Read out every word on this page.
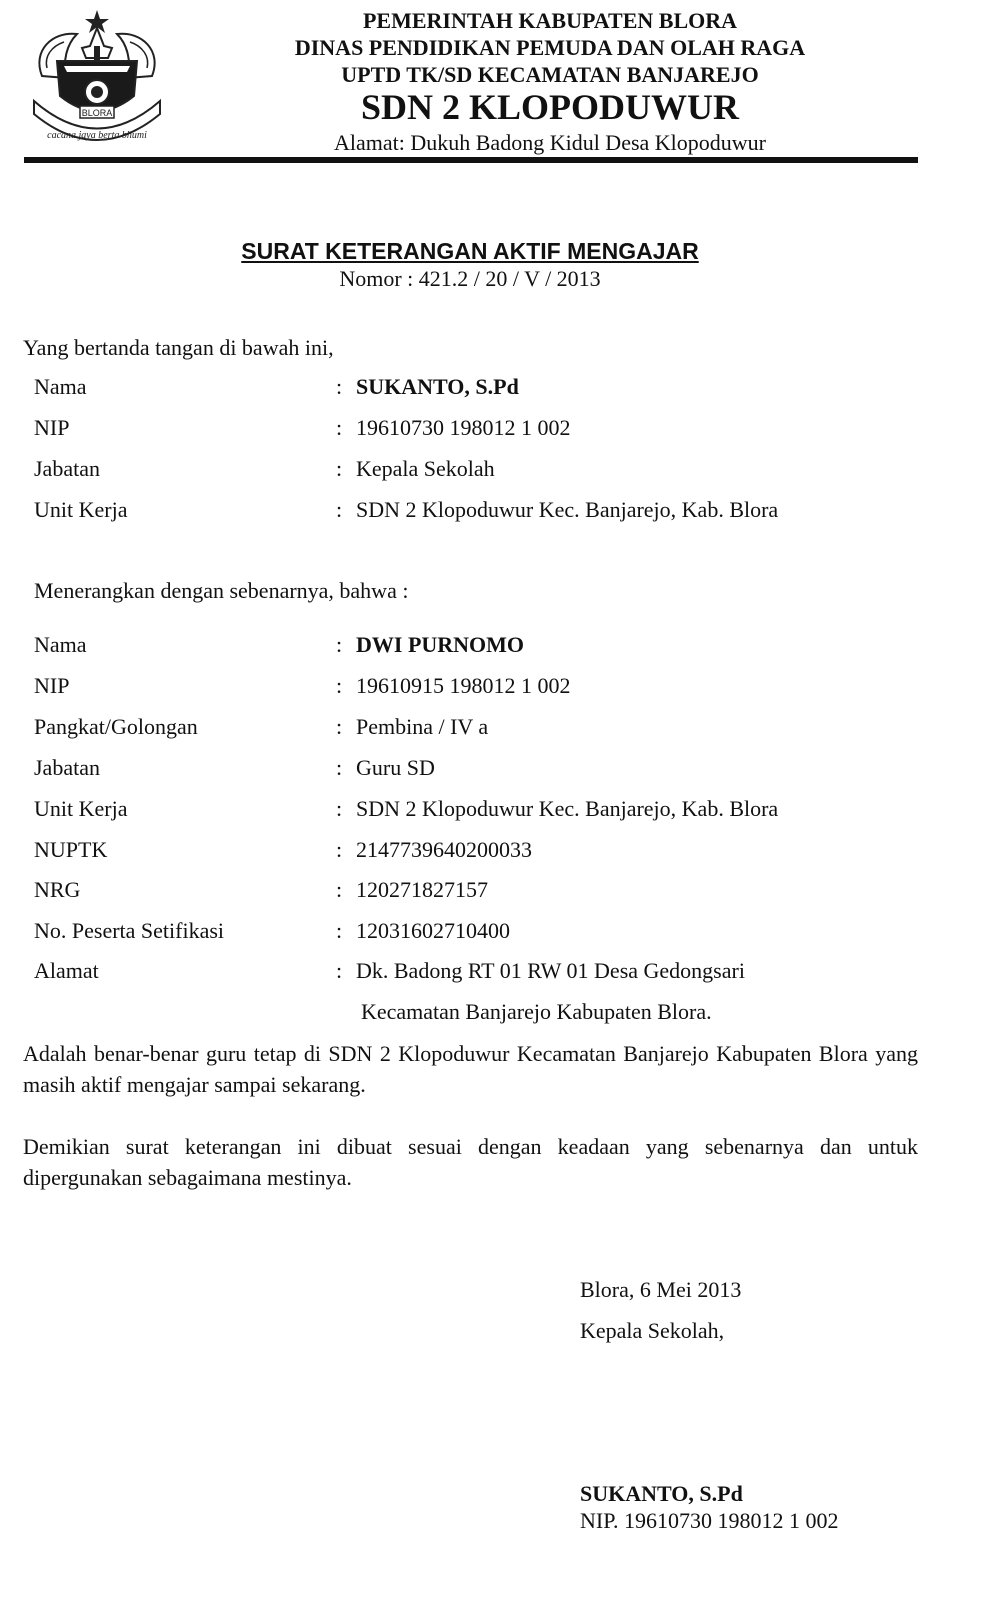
BLORA
cacana jaya berta bhumi
PEMERINTAH KABUPATEN BLORA
DINAS PENDIDIKAN PEMUDA DAN OLAH RAGA
UPTD TK/SD KECAMATAN BANJAREJO
SDN 2 KLOPODUWUR
Alamat: Dukuh Badong Kidul Desa Klopoduwur
SURAT KETERANGAN AKTIF MENGAJAR
Nomor : 421.2 / 20 / V / 2013
Yang bertanda tangan di bawah ini,
Nama	: SUKANTO, S.Pd
NIP	: 19610730 198012 1 002
Jabatan	: Kepala Sekolah
Unit Kerja	: SDN 2 Klopoduwur Kec. Banjarejo, Kab. Blora
Menerangkan dengan sebenarnya, bahwa :
Nama	: DWI PURNOMO
NIP	: 19610915 198012 1 002
Pangkat/Golongan	: Pembina / IV a
Jabatan	: Guru SD
Unit Kerja	: SDN 2 Klopoduwur Kec. Banjarejo, Kab. Blora
NUPTK	: 2147739640200033
NRG	: 120271827157
No. Peserta Setifikasi	: 12031602710400
Alamat	: Dk. Badong RT 01 RW 01 Desa Gedongsari
Kecamatan Banjarejo Kabupaten Blora.
Adalah benar-benar guru tetap di SDN 2 Klopoduwur Kecamatan Banjarejo Kabupaten Blora yang masih aktif mengajar sampai sekarang.
Demikian surat keterangan ini dibuat sesuai dengan keadaan yang sebenarnya dan untuk dipergunakan sebagaimana mestinya.
Blora, 6 Mei 2013
Kepala Sekolah,
SUKANTO, S.Pd
NIP. 19610730 198012 1 002
